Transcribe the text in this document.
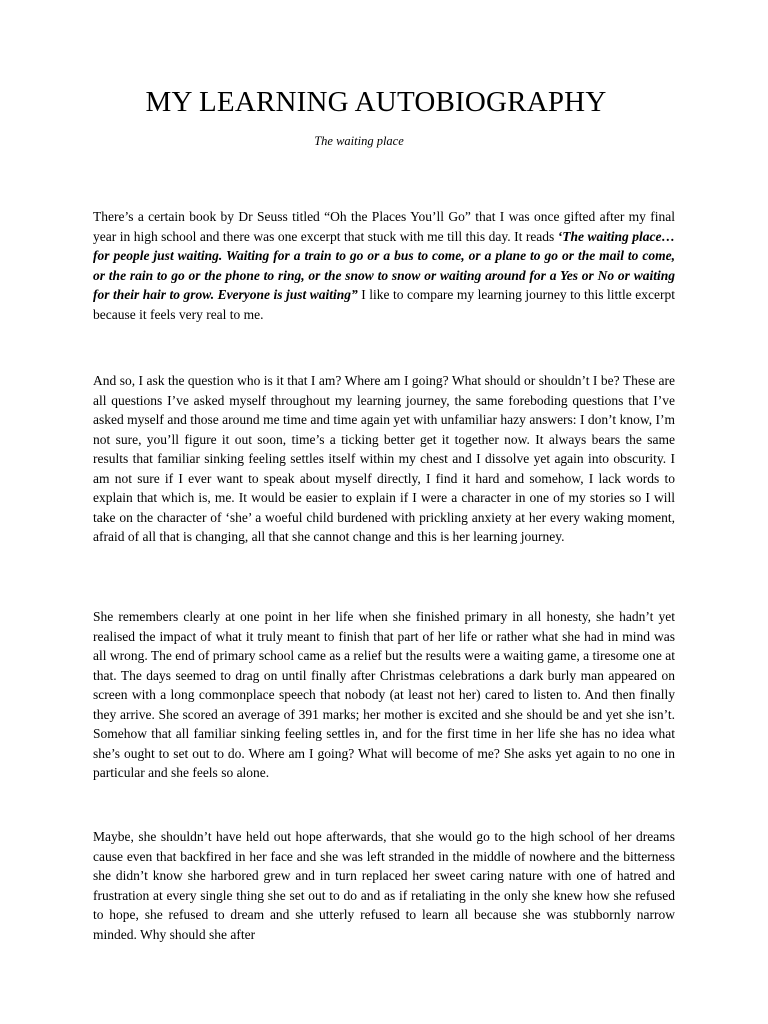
MY LEARNING AUTOBIOGRAPHY
The waiting place

There’s a certain book by Dr Seuss titled “Oh the Places You’ll Go” that I was once gifted after my final year in high school and there was one excerpt that stuck with me till this day. It reads ‘The waiting place…for people just waiting. Waiting for a train to go or a bus to come, or a plane to go or the mail to come, or the rain to go or the phone to ring, or the snow to snow or waiting around for a Yes or No or waiting for their hair to grow. Everyone is just waiting” I like to compare my learning journey to this little excerpt because it feels very real to me.

And so, I ask the question who is it that I am? Where am I going? What should or shouldn’t I be? These are all questions I’ve asked myself throughout my learning journey, the same foreboding questions that I’ve asked myself and those around me time and time again yet with unfamiliar hazy answers: I don’t know, I’m not sure, you’ll figure it out soon, time’s a ticking better get it together now. It always bears the same results that familiar sinking feeling settles itself within my chest and I dissolve yet again into obscurity. I am not sure if I ever want to speak about myself directly, I find it hard and somehow, I lack words to explain that which is, me. It would be easier to explain if I were a character in one of my stories so I will take on the character of ‘she’ a woeful child burdened with prickling anxiety at her every waking moment, afraid of all that is changing, all that she cannot change and this is her learning journey.

She remembers clearly at one point in her life when she finished primary in all honesty, she hadn’t yet realised the impact of what it truly meant to finish that part of her life or rather what she had in mind was all wrong. The end of primary school came as a relief but the results were a waiting game, a tiresome one at that. The days seemed to drag on until finally after Christmas celebrations a dark burly man appeared on screen with a long commonplace speech that nobody (at least not her) cared to listen to. And then finally they arrive. She scored an average of 391 marks; her mother is excited and she should be and yet she isn’t. Somehow that all familiar sinking feeling settles in, and for the first time in her life she has no idea what she’s ought to set out to do. Where am I going? What will become of me? She asks yet again to no one in particular and she feels so alone.

Maybe, she shouldn’t have held out hope afterwards, that she would go to the high school of her dreams cause even that backfired in her face and she was left stranded in the middle of nowhere and the bitterness she didn’t know she harbored grew and in turn replaced her sweet caring nature with one of hatred and frustration at every single thing she set out to do and as if retaliating in the only she knew how she refused to hope, she refused to dream and she utterly refused to learn all because she was stubbornly narrow minded. Why should she after
